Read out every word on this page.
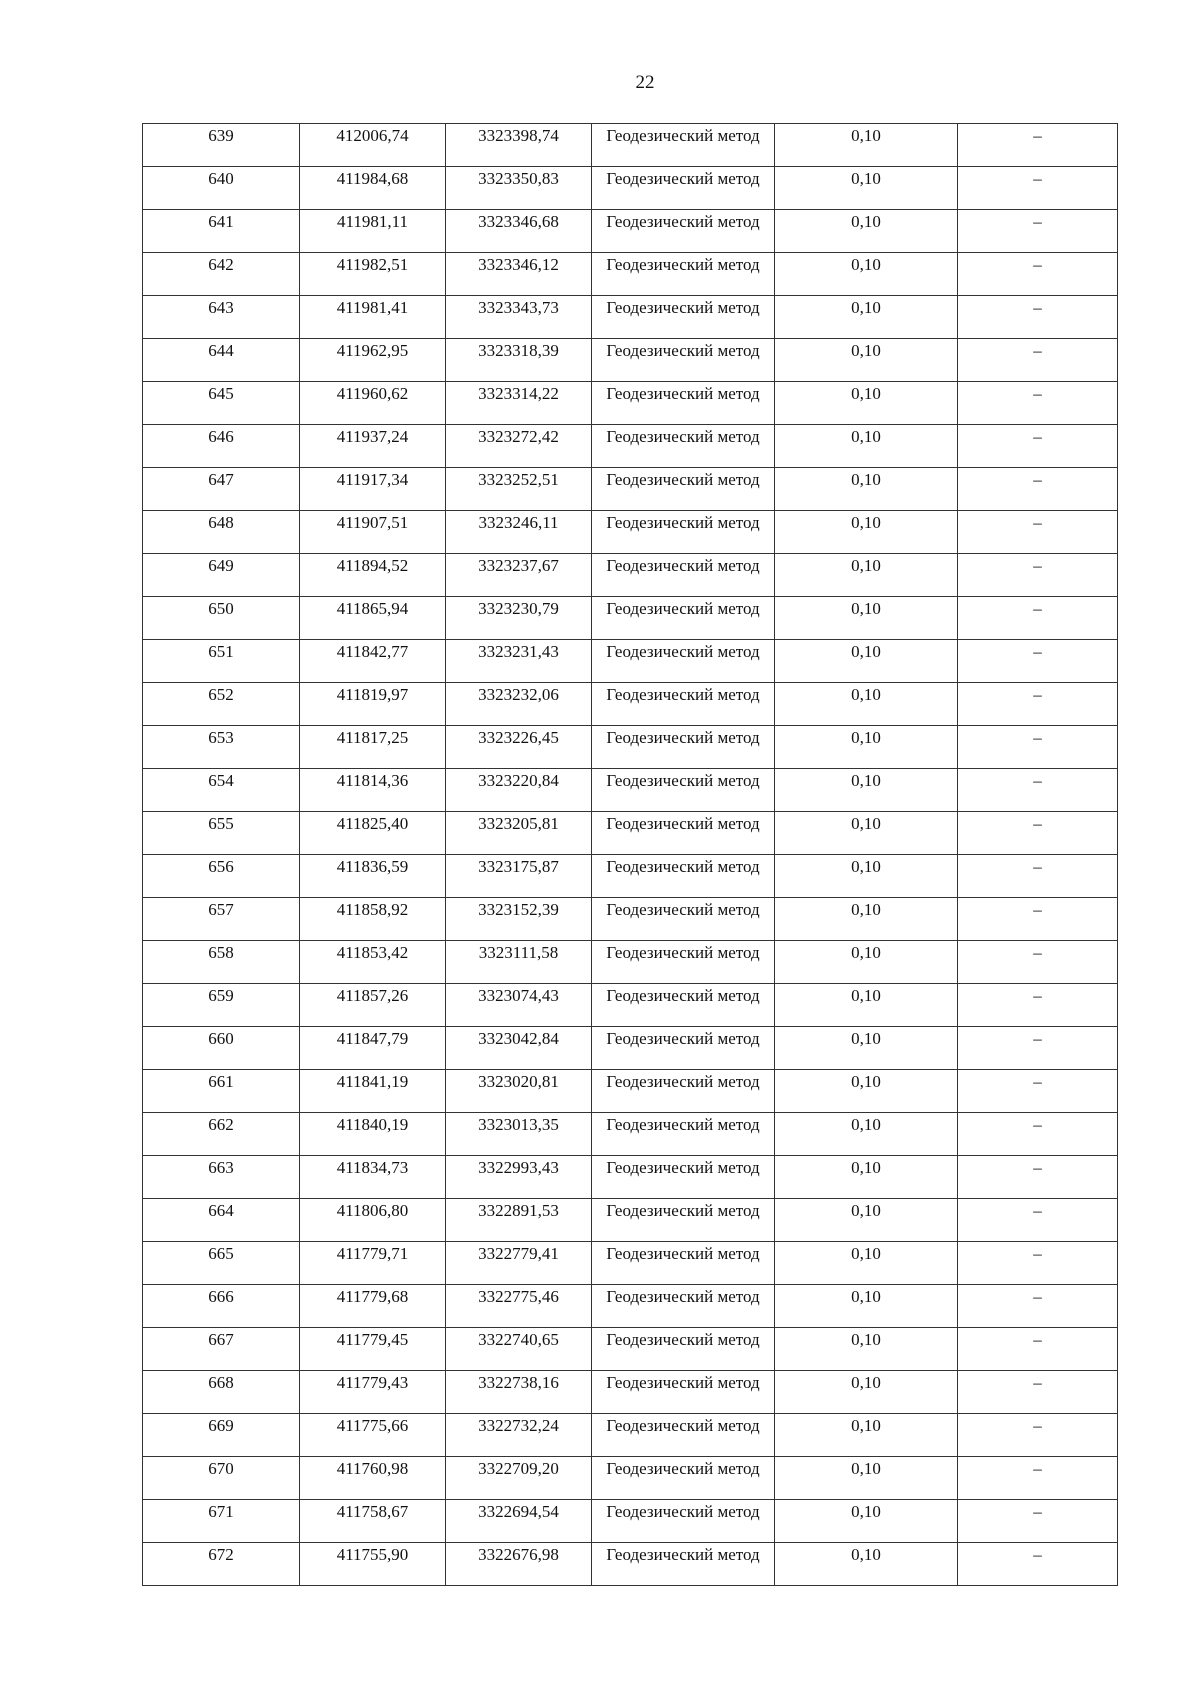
22
639	412006,74	3323398,74	Геодезический метод	0,10	–

640	411984,68	3323350,83	Геодезический метод	0,10	–

641	411981,11	3323346,68	Геодезический метод	0,10	–

642	411982,51	3323346,12	Геодезический метод	0,10	–

643	411981,41	3323343,73	Геодезический метод	0,10	–

644	411962,95	3323318,39	Геодезический метод	0,10	–

645	411960,62	3323314,22	Геодезический метод	0,10	–

646	411937,24	3323272,42	Геодезический метод	0,10	–

647	411917,34	3323252,51	Геодезический метод	0,10	–

648	411907,51	3323246,11	Геодезический метод	0,10	–

649	411894,52	3323237,67	Геодезический метод	0,10	–

650	411865,94	3323230,79	Геодезический метод	0,10	–

651	411842,77	3323231,43	Геодезический метод	0,10	–

652	411819,97	3323232,06	Геодезический метод	0,10	–

653	411817,25	3323226,45	Геодезический метод	0,10	–

654	411814,36	3323220,84	Геодезический метод	0,10	–

655	411825,40	3323205,81	Геодезический метод	0,10	–

656	411836,59	3323175,87	Геодезический метод	0,10	–

657	411858,92	3323152,39	Геодезический метод	0,10	–

658	411853,42	3323111,58	Геодезический метод	0,10	–

659	411857,26	3323074,43	Геодезический метод	0,10	–

660	411847,79	3323042,84	Геодезический метод	0,10	–

661	411841,19	3323020,81	Геодезический метод	0,10	–

662	411840,19	3323013,35	Геодезический метод	0,10	–

663	411834,73	3322993,43	Геодезический метод	0,10	–

664	411806,80	3322891,53	Геодезический метод	0,10	–

665	411779,71	3322779,41	Геодезический метод	0,10	–

666	411779,68	3322775,46	Геодезический метод	0,10	–

667	411779,45	3322740,65	Геодезический метод	0,10	–

668	411779,43	3322738,16	Геодезический метод	0,10	–

669	411775,66	3322732,24	Геодезический метод	0,10	–

670	411760,98	3322709,20	Геодезический метод	0,10	–

671	411758,67	3322694,54	Геодезический метод	0,10	–

672	411755,90	3322676,98	Геодезический метод	0,10	–
